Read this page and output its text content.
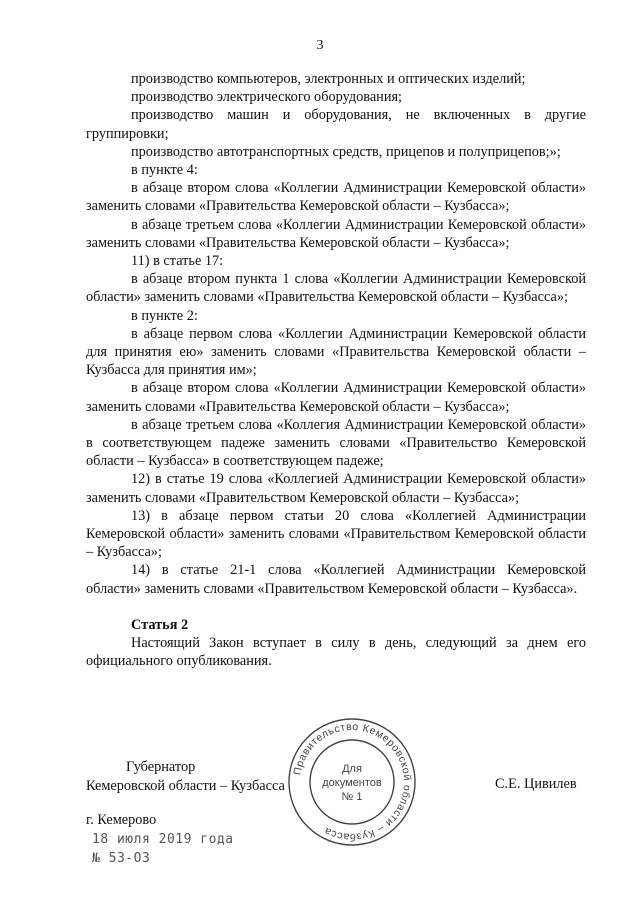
3

производство компьютеров, электронных и оптических изделий;

производство электрического оборудования;

производство машин и оборудования, не включенных в другие группировки;

производство автотранспортных средств, прицепов и полуприцепов;»;

в пункте 4:

в абзаце втором слова «Коллегии Администрации Кемеровской области» заменить словами «Правительства Кемеровской области – Кузбасса»;

в абзаце третьем слова «Коллегии Администрации Кемеровской области» заменить словами «Правительства Кемеровской области – Кузбасса»;

11) в статье 17:

в абзаце втором пункта 1 слова «Коллегии Администрации Кемеровской области» заменить словами «Правительства Кемеровской области – Кузбасса»;

в пункте 2:

в абзаце первом слова «Коллегии Администрации Кемеровской области для принятия ею» заменить словами «Правительства Кемеровской области – Кузбасса для принятия им»;

в абзаце втором слова «Коллегии Администрации Кемеровской области» заменить словами «Правительства Кемеровской области – Кузбасса»;

в абзаце третьем слова «Коллегия Администрации Кемеровской области» в соответствующем падеже заменить словами «Правительство Кемеровской области – Кузбасса» в соответствующем падеже;

12) в статье 19 слова «Коллегией Администрации Кемеровской области» заменить словами «Правительством Кемеровской области – Кузбасса»;

13) в абзаце первом статьи 20 слова «Коллегией Администрации Кемеровской области» заменить словами «Правительством Кемеровской области – Кузбасса»;

14) в статье 21-1 слова «Коллегией Администрации Кемеровской области» заменить словами «Правительством Кемеровской области – Кузбасса».

Статья 2

Настоящий Закон вступает в силу в день, следующий за днем его официального опубликования.

Губернатор
Кемеровской области – Кузбасса	С.Е. Цивилев
г. Кемерово
18 июля 2019 года
№ 53-ОЗ
Правительство Кемеровской области – Кузбасса
Для
документов
№ 1
